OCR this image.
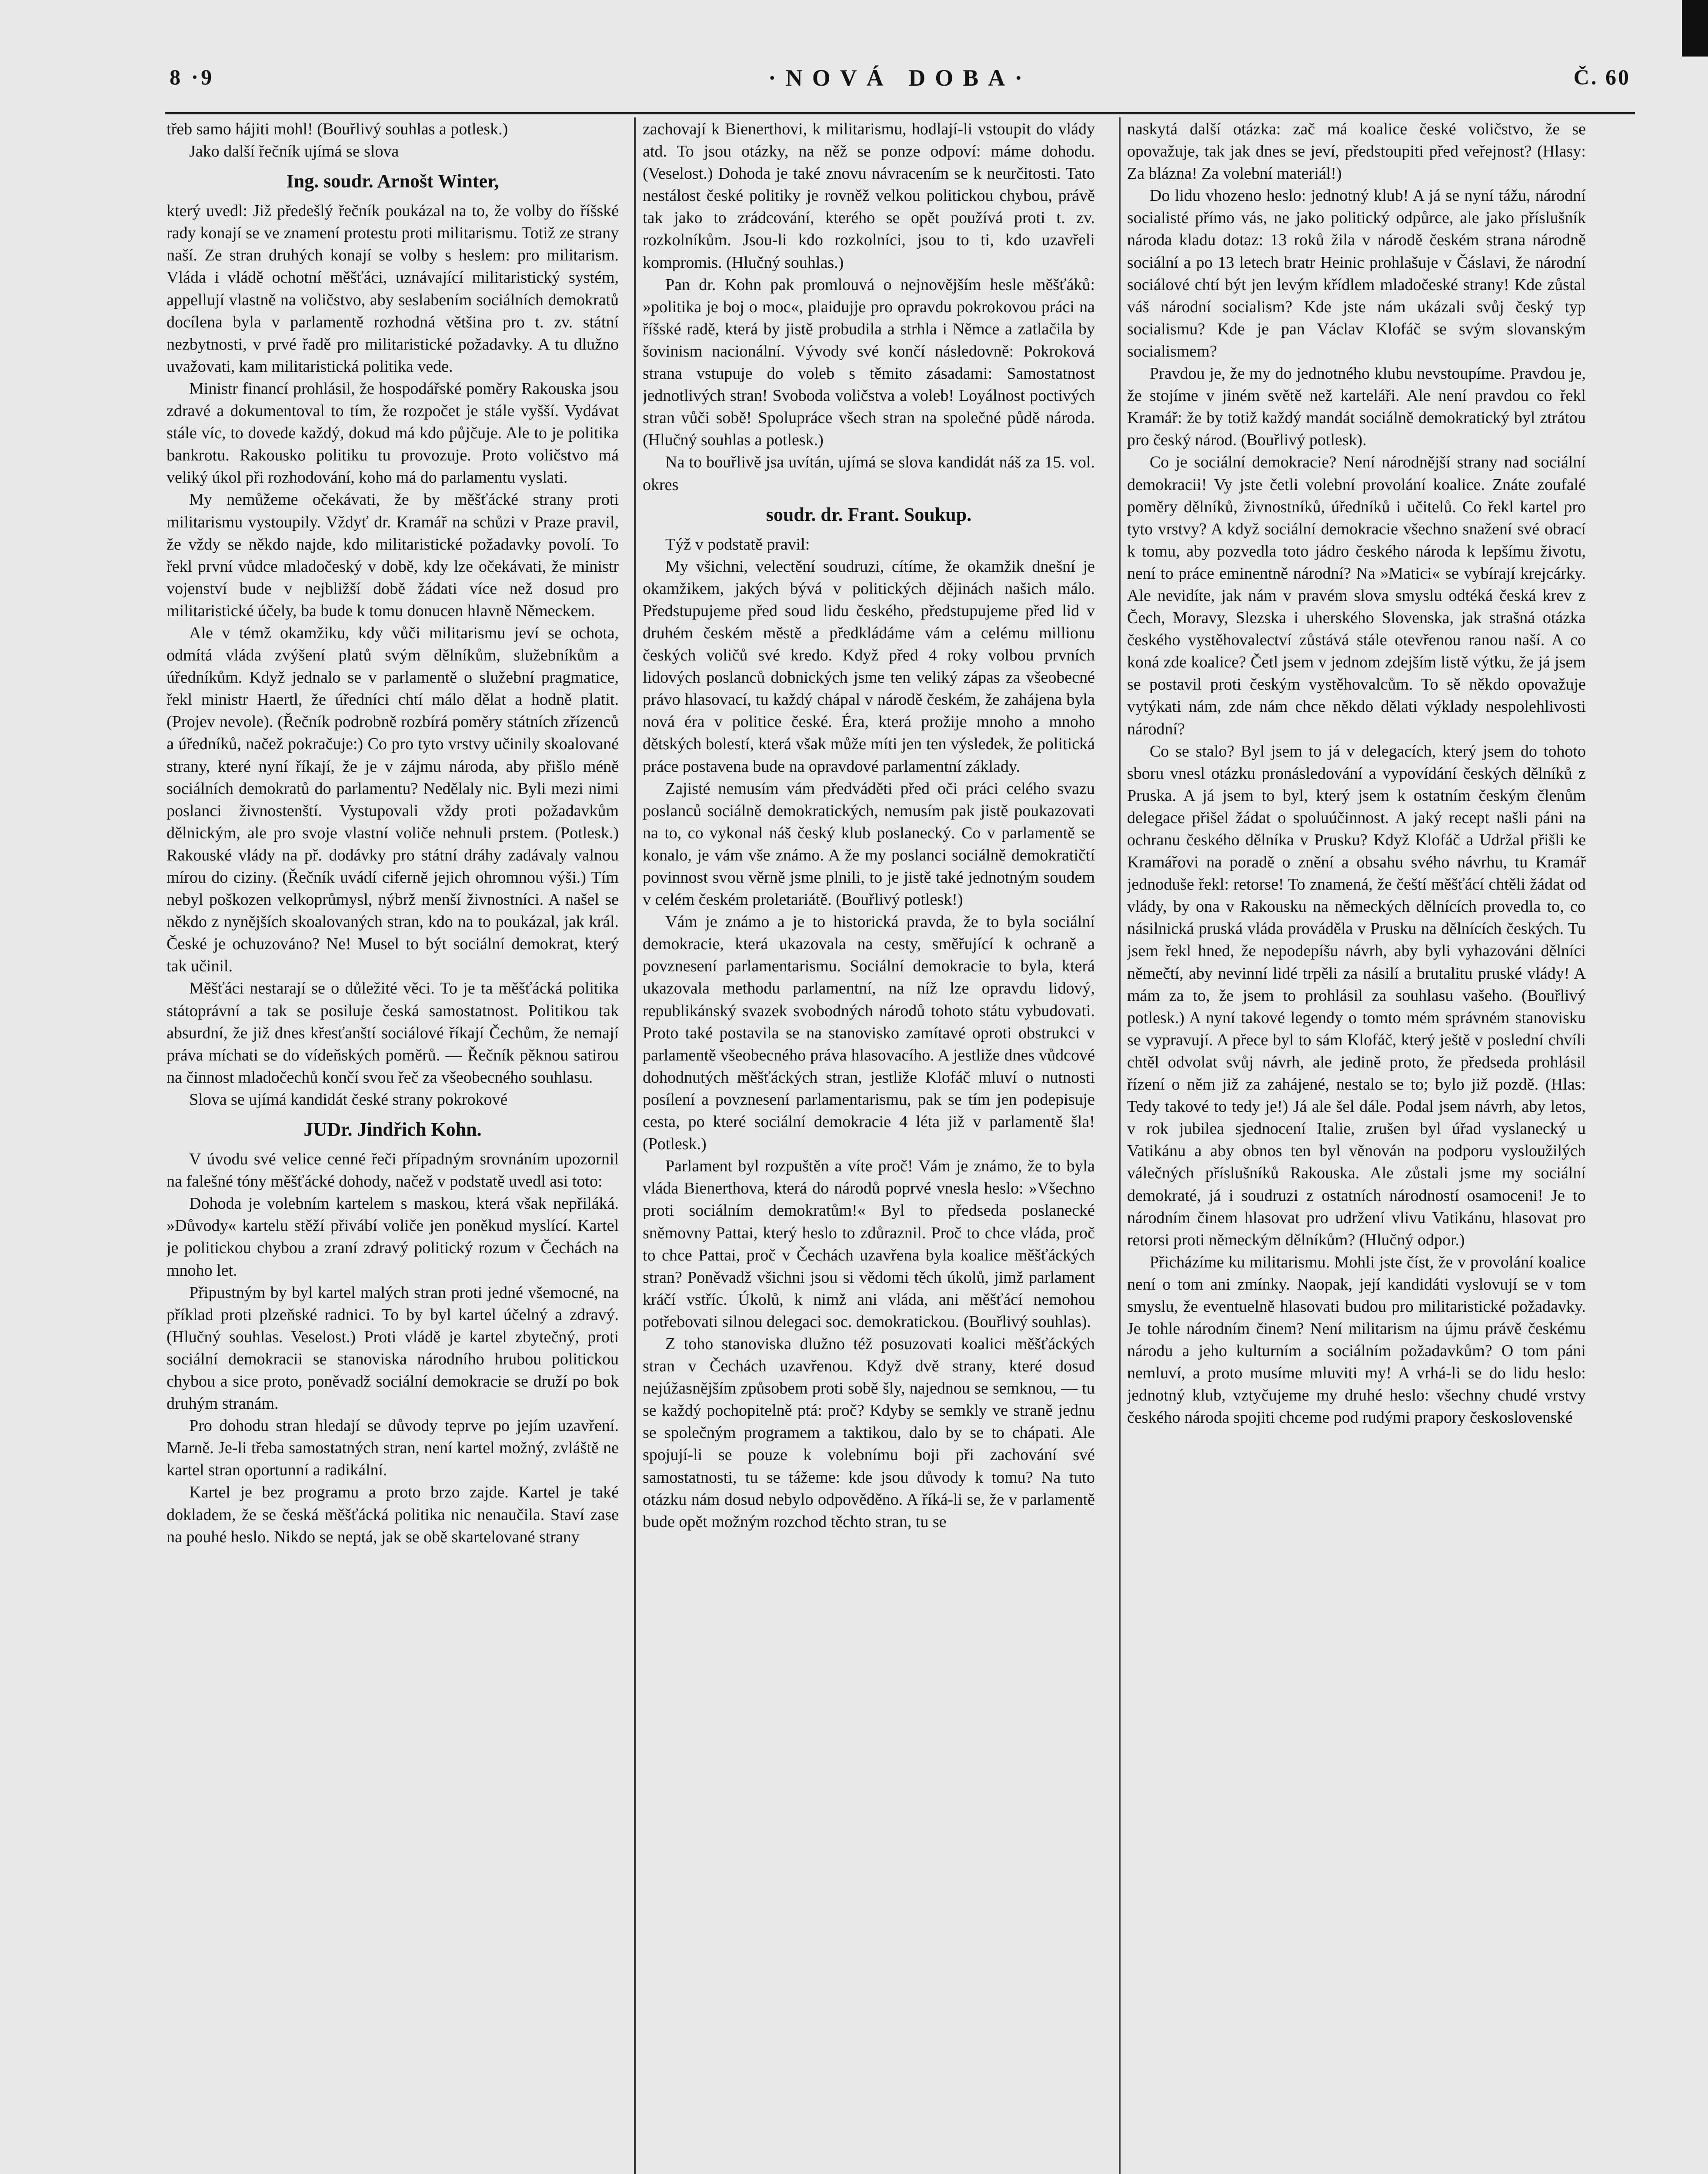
8 ·9	·NOVÁ DOBA·	Č. 60

třeb samo hájiti mohl! (Bouřlivý souhlas a potlesk.)

Jako další řečník ujímá se slova

Ing. soudr. Arnošt Winter,

který uvedl: Již předešlý řečník poukázal na to, že volby do říšské rady konají se ve znamení protestu proti militarismu. Totiž ze strany naší. Ze stran druhých konají se volby s heslem: pro militarism. Vláda i vládě ochotní měšťáci, uznávající militaristický systém, appellují vlastně na voličstvo, aby seslabením sociálních demokratů docílena byla v parlamentě rozhodná většina pro t. zv. státní nezbytnosti, v prvé řadě pro militaristické požadavky. A tu dlužno uvažovati, kam militaristická politika vede.

Ministr financí prohlásil, že hospodářské poměry Rakouska jsou zdravé a dokumentoval to tím, že rozpočet je stále vyšší. Vydávat stále víc, to dovede každý, dokud má kdo půjčuje. Ale to je politika bankrotu. Rakousko politiku tu provozuje. Proto voličstvo má veliký úkol při rozhodování, koho má do parlamentu vyslati.

My nemůžeme očekávati, že by měšťácké strany proti militarismu vystoupily. Vždyť dr. Kramář na schůzi v Praze pravil, že vždy se někdo najde, kdo militaristické požadavky povolí. To řekl první vůdce mladočeský v době, kdy lze očekávati, že ministr vojenství bude v nejbližší době žádati více než dosud pro militaristické účely, ba bude k tomu donucen hlavně Německem.

Ale v témž okamžiku, kdy vůči militarismu jeví se ochota, odmítá vláda zvýšení platů svým dělníkům, služebníkům a úředníkům. Když jednalo se v parlamentě o služební pragmatice, řekl ministr Haertl, že úředníci chtí málo dělat a hodně platit. (Projev nevole). (Řečník podrobně rozbírá poměry státních zřízenců a úředníků, načež pokračuje:) Co pro tyto vrstvy učinily skoalované strany, které nyní říkají, že je v zájmu národa, aby přišlo méně sociálních demokratů do parlamentu? Nedělaly nic. Byli mezi nimi poslanci živnostenští. Vystupovali vždy proti požadavkům dělnickým, ale pro svoje vlastní voliče nehnuli prstem. (Potlesk.) Rakouské vlády na př. dodávky pro státní dráhy zadávaly valnou mírou do ciziny. (Řečník uvádí ciferně jejich ohromnou výši.) Tím nebyl poškozen velkoprůmysl, nýbrž menší živnostníci. A našel se někdo z nynějších skoalovaných stran, kdo na to poukázal, jak král. České je ochuzováno? Ne! Musel to být sociální demokrat, který tak učinil.

Měšťáci nestarají se o důležité věci. To je ta měšťácká politika státoprávní a tak se posiluje česká samostatnost. Politikou tak absurdní, že již dnes křesťanští sociálové říkají Čechům, že nemají práva míchati se do vídeňských poměrů. — Řečník pěknou satirou na činnost mladočechů končí svou řeč za všeobecného souhlasu.

Slova se ujímá kandidát české strany pokrokové

JUDr. Jindřich Kohn.

V úvodu své velice cenné řeči případným srovnáním upozornil na falešné tóny měšťácké dohody, načež v podstatě uvedl asi toto:

Dohoda je volebním kartelem s maskou, která však nepřiláká. »Důvody« kartelu stěží přivábí voliče jen poněkud myslící. Kartel je politickou chybou a zraní zdravý politický rozum v Čechách na mnoho let.

Připustným by byl kartel malých stran proti jedné všemocné, na příklad proti plzeňské radnici. To by byl kartel účelný a zdravý. (Hlučný souhlas. Veselost.) Proti vládě je kartel zbytečný, proti sociální demokracii se stanoviska národního hrubou politickou chybou a sice proto, poněvadž sociální demokracie se druží po bok druhým stranám.

Pro dohodu stran hledají se důvody teprve po jejím uzavření. Marně. Je-li třeba samostatných stran, není kartel možný, zvláště ne kartel stran oportunní a radikální.

Kartel je bez programu a proto brzo zajde. Kartel je také dokladem, že se česká měšťácká politika nic nenaučila. Staví zase na pouhé heslo. Nikdo se neptá, jak se obě skartelované strany

zachovají k Bienerthovi, k militarismu, hodlají-li vstoupit do vlády atd. To jsou otázky, na něž se ponze odpoví: máme dohodu. (Veselost.) Dohoda je také znovu návracením se k neurčitosti. Tato nestálost české politiky je rovněž velkou politickou chybou, právě tak jako to zrádcování, kterého se opět používá proti t. zv. rozkolníkům. Jsou-li kdo rozkolníci, jsou to ti, kdo uzavřeli kompromis. (Hlučný souhlas.)

Pan dr. Kohn pak promlouvá o nejnovějším hesle měšťáků: »politika je boj o moc«, plaidujje pro opravdu pokrokovou práci na říšské radě, která by jistě probudila a strhla i Němce a zatlačila by šovinism nacionální. Vývody své končí následovně: Pokroková strana vstupuje do voleb s těmito zásadami: Samostatnost jednotlivých stran! Svoboda voličstva a voleb! Loyálnost poctivých stran vůči sobě! Spolupráce všech stran na společné půdě národa. (Hlučný souhlas a potlesk.)

Na to bouřlivě jsa uvítán, ujímá se slova kandidát náš za 15. vol. okres

soudr. dr. Frant. Soukup.

Týž v podstatě pravil:

My všichni, velectění soudruzi, cítíme, že okamžik dnešní je okamžikem, jakých bývá v politických dějinách našich málo. Předstupujeme před soud lidu českého, předstupujeme před lid v druhém českém městě a předkládáme vám a celému millionu českých voličů své kredo. Když před 4 roky volbou prvních lidových poslanců dobnických jsme ten veliký zápas za všeobecné právo hlasovací, tu každý chápal v národě českém, že zahájena byla nová éra v politice české. Éra, která prožije mnoho a mnoho dětských bolestí, která však může míti jen ten výsledek, že politická práce postavena bude na opravdové parlamentní základy.

Zajisté nemusím vám předváděti před oči práci celého svazu poslanců sociálně demokratických, nemusím pak jistě poukazovati na to, co vykonal náš český klub poslanecký. Co v parlamentě se konalo, je vám vše známo. A že my poslanci sociálně demokratičtí povinnost svou věrně jsme plnili, to je jistě také jednotným soudem v celém českém proletariátě. (Bouřlivý potlesk!)

Vám je známo a je to historická pravda, že to byla sociální demokracie, která ukazovala na cesty, směřující k ochraně a povznesení parlamentarismu. Sociální demokracie to byla, která ukazovala methodu parlamentní, na níž lze opravdu lidový, republikánský svazek svobodných národů tohoto státu vybudovati. Proto také postavila se na stanovisko zamítavé oproti obstrukci v parlamentě všeobecného práva hlasovacího. A jestliže dnes vůdcové dohodnutých měšťáckých stran, jestliže Klofáč mluví o nutnosti posílení a povznesení parlamentarismu, pak se tím jen podepisuje cesta, po které sociální demokracie 4 léta již v parlamentě šla! (Potlesk.)

Parlament byl rozpuštěn a víte proč! Vám je známo, že to byla vláda Bienerthova, která do národů poprvé vnesla heslo: »Všechno proti sociálním demokratům!« Byl to předseda poslanecké sněmovny Pattai, který heslo to zdůraznil. Proč to chce vláda, proč to chce Pattai, proč v Čechách uzavřena byla koalice měšťáckých stran? Poněvadž všichni jsou si vědomi těch úkolů, jimž parlament kráčí vstříc. Úkolů, k nimž ani vláda, ani měšťácí nemohou potřebovati silnou delegaci soc. demokratickou. (Bouřlivý souhlas).

Z toho stanoviska dlužno též posuzovati koalici měšťáckých stran v Čechách uzavřenou. Když dvě strany, které dosud nejúžasnějším způsobem proti sobě šly, najednou se semknou, — tu se každý pochopitelně ptá: proč? Kdyby se semkly ve straně jednu se společným programem a taktikou, dalo by se to chápati. Ale spojují-li se pouze k volebnímu boji při zachování své samostatnosti, tu se tážeme: kde jsou důvody k tomu? Na tuto otázku nám dosud nebylo odpověděno. A říká-li se, že v parlamentě bude opět možným rozchod těchto stran, tu se

naskytá další otázka: zač má koalice české voličstvo, že se opovažuje, tak jak dnes se jeví, předstoupiti před veřejnost? (Hlasy: Za blázna! Za volební materiál!)

Do lidu vhozeno heslo: jednotný klub! A já se nyní tážu, národní socialisté přímo vás, ne jako politický odpůrce, ale jako příslušník národa kladu dotaz: 13 roků žila v národě českém strana národně sociální a po 13 letech bratr Heinic prohlašuje v Čáslavi, že národní sociálové chtí být jen levým křídlem mladočeské strany! Kde zůstal váš národní socialism? Kde jste nám ukázali svůj český typ socialismu? Kde je pan Václav Klofáč se svým slovanským socialismem?

Pravdou je, že my do jednotného klubu nevstoupíme. Pravdou je, že stojíme v jiném světě než karteláři. Ale není pravdou co řekl Kramář: že by totiž každý mandát sociálně demokratický byl ztrátou pro český národ. (Bouřlivý potlesk).

Co je sociální demokracie? Není národnější strany nad sociální demokracii! Vy jste četli volební provolání koalice. Znáte zoufalé poměry dělníků, živnostníků, úředníků i učitelů. Co řekl kartel pro tyto vrstvy? A když sociální demokracie všechno snažení své obrací k tomu, aby pozvedla toto jádro českého národa k lepšímu životu, není to práce eminentně národní? Na »Matici« se vybírají krejcárky. Ale nevidíte, jak nám v pravém slova smyslu odtéká česká krev z Čech, Moravy, Slezska i uherského Slovenska, jak strašná otázka českého vystěhovalectví zůstává stále otevřenou ranou naší. A co koná zde koalice? Četl jsem v jednom zdejším listě výtku, že já jsem se postavil proti českým vystěhovalcům. To sě někdo opovažuje vytýkati nám, zde nám chce někdo dělati výklady nespolehlivosti národní?

Co se stalo? Byl jsem to já v delegacích, který jsem do tohoto sboru vnesl otázku pronásledování a vypovídání českých dělníků z Pruska. A já jsem to byl, který jsem k ostatním českým členům delegace přišel žádat o spoluúčinnost. A jaký recept našli páni na ochranu českého dělníka v Prusku? Když Klofáč a Udržal přišli ke Kramářovi na poradě o znění a obsahu svého návrhu, tu Kramář jednoduše řekl: retorse! To znamená, že čeští měšťácí chtěli žádat od vlády, by ona v Rakousku na německých dělnících provedla to, co násilnická pruská vláda prováděla v Prusku na dělnících českých. Tu jsem řekl hned, že nepodepíšu návrh, aby byli vyhazováni dělníci němečtí, aby nevinní lidé trpěli za násilí a brutalitu pruské vlády! A mám za to, že jsem to prohlásil za souhlasu vašeho. (Bouřlivý potlesk.) A nyní takové legendy o tomto mém správném stanovisku se vypravují. A přece byl to sám Klofáč, který ještě v poslední chvíli chtěl odvolat svůj návrh, ale jedině proto, že předseda prohlásil řízení o něm již za zahájené, nestalo se to; bylo již pozdě. (Hlas: Tedy takové to tedy je!) Já ale šel dále. Podal jsem návrh, aby letos, v rok jubilea sjednocení Italie, zrušen byl úřad vyslanecký u Vatikánu a aby obnos ten byl věnován na podporu vysloužilých válečných příslušníků Rakouska. Ale zůstali jsme my sociální demokraté, já i soudruzi z ostatních národností osamoceni! Je to národním činem hlasovat pro udržení vlivu Vatikánu, hlasovat pro retorsi proti německým dělníkům? (Hlučný odpor.)

Přicházíme ku militarismu. Mohli jste číst, že v provolání koalice není o tom ani zmínky. Naopak, její kandidáti vyslovují se v tom smyslu, že eventuelně hlasovati budou pro militaristické požadavky. Je tohle národním činem? Není militarism na újmu právě českému národu a jeho kulturním a sociálním požadavkům? O tom páni nemluví, a proto musíme mluviti my! A vrhá-li se do lidu heslo: jednotný klub, vztyčujeme my druhé heslo: všechny chudé vrstvy českého národa spojiti chceme pod rudými prapory československé
